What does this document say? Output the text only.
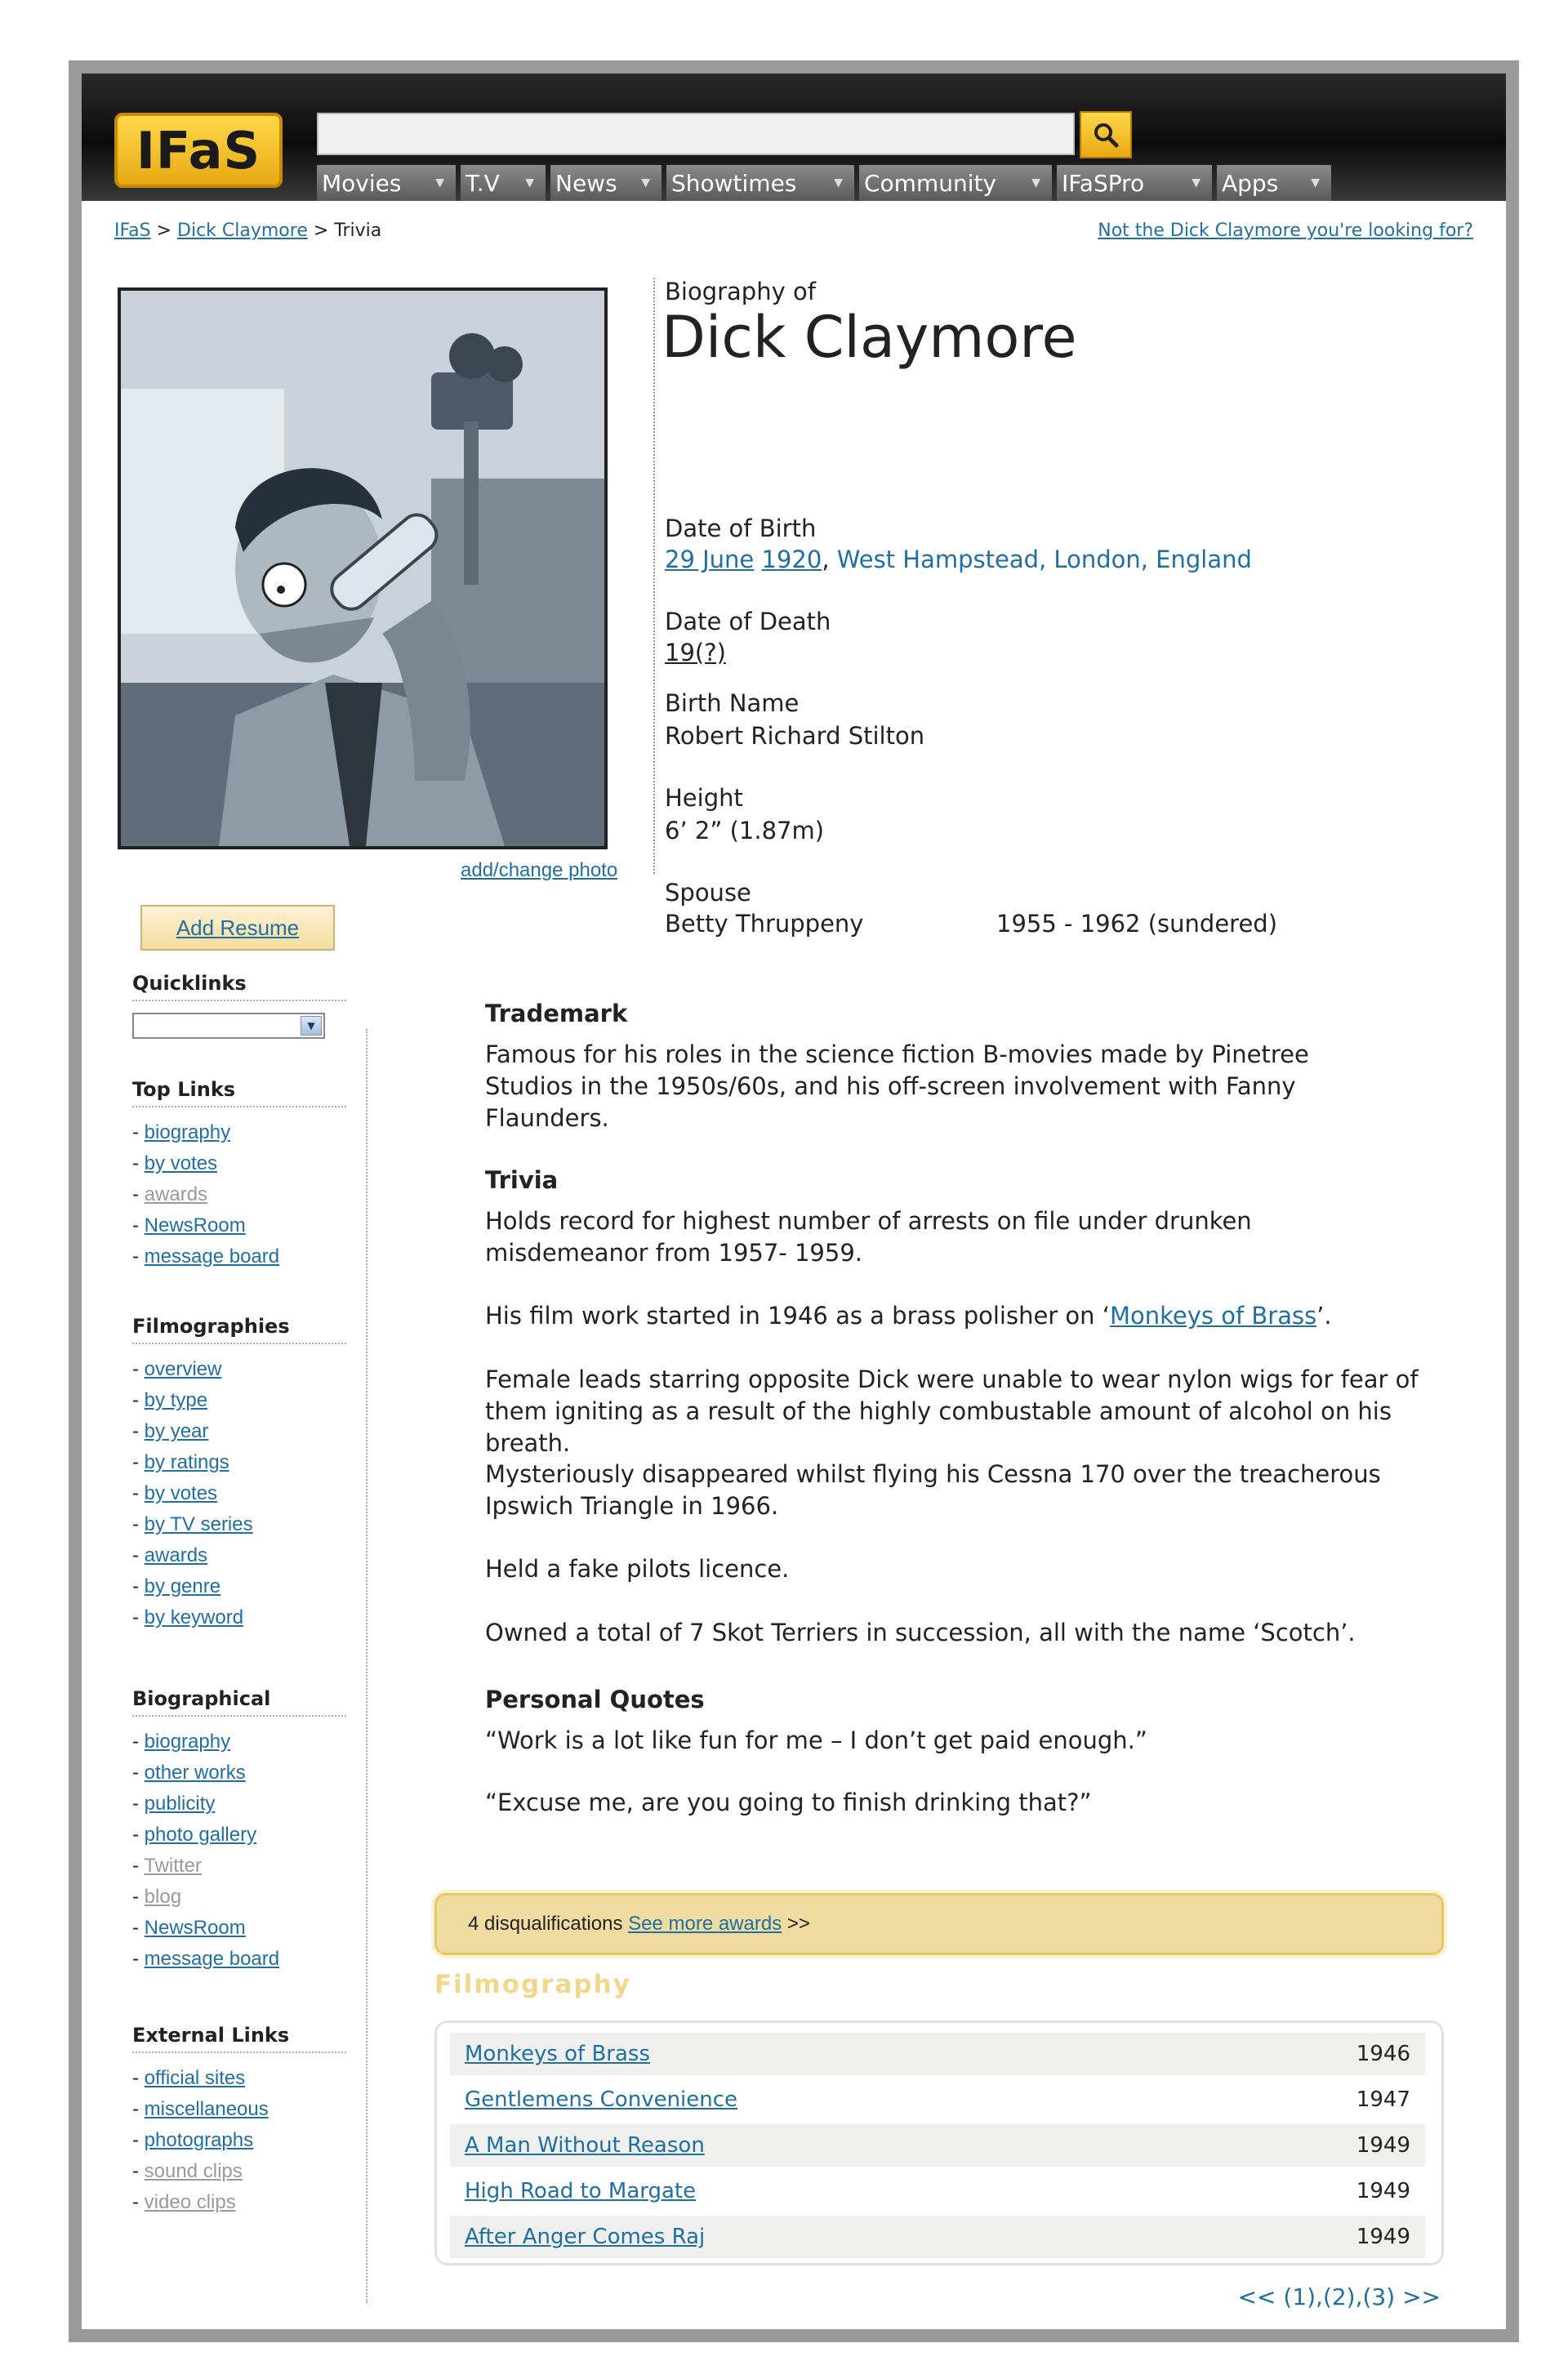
IFaS
Movies	▼ T.V ▼ News ▼ Showtimes	▼ Community	▼ IFaSPro	▼ Apps	▼
IFaS > Dick Claymore > Trivia	Not the Dick Claymore you're looking for?
add/change photo
Add Resume
Biography of
Dick Claymore
Date of Birth
29 June 1920, West Hampstead, London, England
Date of Death
19(?)
Birth Name
Robert Richard Stilton
Height
6’ 2” (1.87m)
Spouse
Betty Thruppeny	1955 - 1962 (sundered)
Quicklinks
▼
Top Links
- biography
- by votes
- awards
- NewsRoom
- message board
Filmographies
- overview
- by type
- by year
- by ratings
- by votes
- by TV series
- awards
- by genre
- by keyword
Biographical
- biography
- other works
- publicity
- photo gallery
- Twitter
- blog
- NewsRoom
- message board
External Links
- official sites
- miscellaneous
- photographs
- sound clips
- video clips
Trademark

Famous for his roles in the science fiction B-movies made by Pinetree Studios in the 1950s/60s, and his off-screen involvement with Fanny Flaunders.

Trivia

Holds record for highest number of arrests on file under drunken misdemeanor from 1957- 1959.

His film work started in 1946 as a brass polisher on ‘Monkeys of Brass’.

Female leads starring opposite Dick were unable to wear nylon wigs for fear of them igniting as a result of the highly combustable amount of alcohol on his breath.

Mysteriously disappeared whilst flying his Cessna 170 over the treacherous Ipswich Triangle in 1966.

Held a fake pilots licence.

Owned a total of 7 Skot Terriers in succession, all with the name ‘Scotch’.

Personal Quotes

“Work is a lot like fun for me – I don’t get paid enough.”

“Excuse me, are you going to finish drinking that?”

4 disqualifications
See more awards
>>
Filmography
Monkeys of Brass	1946
Gentlemens Convenience	1947
A Man Without Reason	1949
High Road to Margate	1949
After Anger Comes Raj	1949
<< (1),(2),(3) >>
